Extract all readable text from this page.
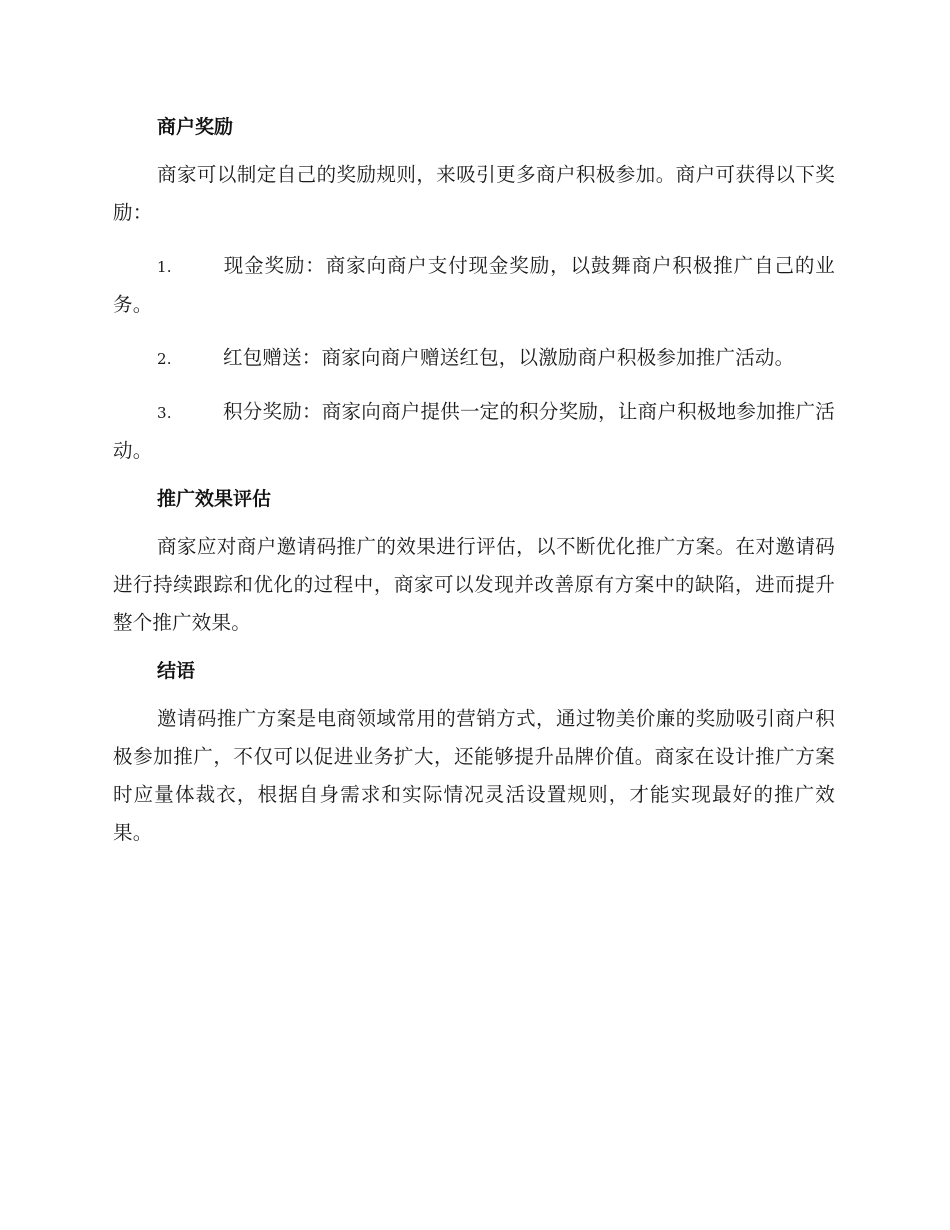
商户奖励

商家可以制定自己的奖励规则，来吸引更多商户积极参加。商户可获得以下奖励：

1.	现金奖励：商家向商户支付现金奖励，以鼓舞商户积极推广自己的业务。

2.	红包赠送：商家向商户赠送红包，以激励商户积极参加推广活动。

3.	积分奖励：商家向商户提供一定的积分奖励，让商户积极地参加推广活动。

推广效果评估

商家应对商户邀请码推广的效果进行评估，以不断优化推广方案。在对邀请码进行持续跟踪和优化的过程中，商家可以发现并改善原有方案中的缺陷，进而提升整个推广效果。

结语

邀请码推广方案是电商领域常用的营销方式，通过物美价廉的奖励吸引商户积极参加推广，不仅可以促进业务扩大，还能够提升品牌价值。商家在设计推广方案时应量体裁衣，根据自身需求和实际情况灵活设置规则，才能实现最好的推广效果。
